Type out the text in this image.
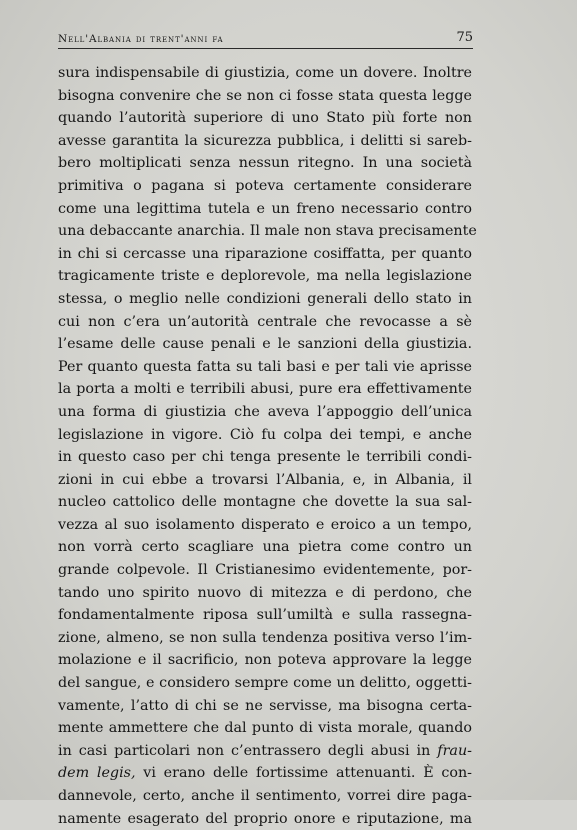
Nell'Albania di trent'anni fa	75
sura indispensabile di giustizia, come un dovere. Inoltre
bisogna convenire che se non ci fosse stata questa legge
quando l’autorità superiore di uno Stato più forte non
avesse garantita la sicurezza pubblica, i delitti si sareb-
bero moltiplicati senza nessun ritegno. In una società
primitiva o pagana si poteva certamente considerare
come una legittima tutela e un freno necessario contro
una debaccante anarchia. Il male non stava precisamente
in chi si cercasse una riparazione cosiffatta, per quanto
tragicamente triste e deplorevole, ma nella legislazione
stessa, o meglio nelle condizioni generali dello stato in
cui non c’era un’autorità centrale che revocasse a sè
l’esame delle cause penali e le sanzioni della giustizia.
Per quanto questa fatta su tali basi e per tali vie aprisse
la porta a molti e terribili abusi, pure era effettivamente
una forma di giustizia che aveva l’appoggio dell’unica
legislazione in vigore. Ciò fu colpa dei tempi, e anche
in questo caso per chi tenga presente le terribili condi-
zioni in cui ebbe a trovarsi l’Albania, e, in Albania, il
nucleo cattolico delle montagne che dovette la sua sal-
vezza al suo isolamento disperato e eroico a un tempo,
non vorrà certo scagliare una pietra come contro un
grande colpevole. Il Cristianesimo evidentemente, por-
tando uno spirito nuovo di mitezza e di perdono, che
fondamentalmente riposa sull’umiltà e sulla rassegna-
zione, almeno, se non sulla tendenza positiva verso l’im-
molazione e il sacrificio, non poteva approvare la legge
del sangue, e considero sempre come un delitto, oggetti-
vamente, l’atto di chi se ne servisse, ma bisogna certa-
mente ammettere che dal punto di vista morale, quando
in casi particolari non c’entrassero degli abusi in frau-
dem legis, vi erano delle fortissime attenuanti. È con-
dannevole, certo, anche il sentimento, vorrei dire paga-
namente esagerato del proprio onore e riputazione, ma
